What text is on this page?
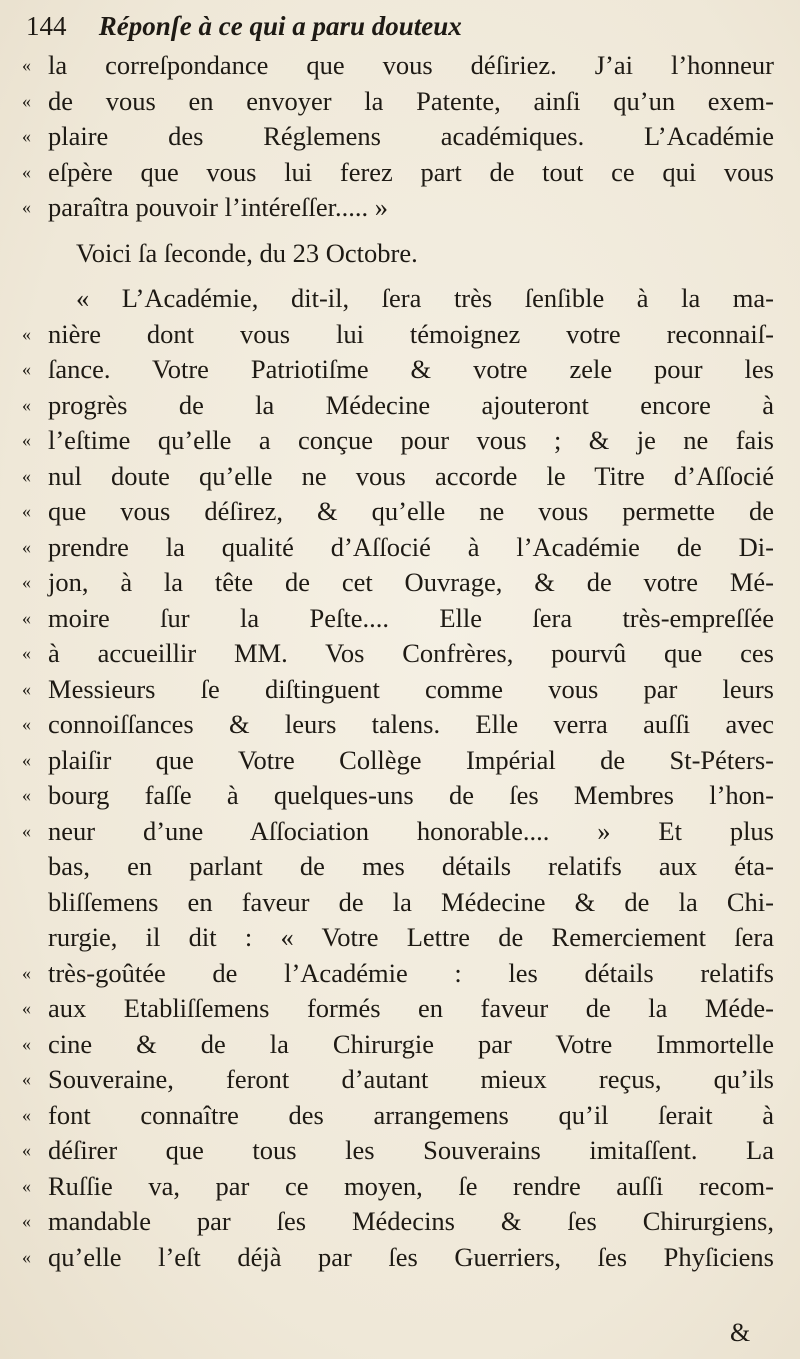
144 Réponſe à ce qui a paru douteux
« la correſpondance que vous déſiriez. J’ai l’honneur
« de vous en envoyer la Patente, ainſi qu’un exem-
« plaire des Réglemens académiques. L’Académie
« eſpère que vous lui ferez part de tout ce qui vous
« paraîtra pouvoir l’intéreſſer..... »
Voici ſa ſeconde, du 23 Octobre.
« L’Académie, dit-il, ſera très ſenſible à la ma-
« nière dont vous lui témoignez votre reconnaiſ-
« ſance. Votre Patriotiſme & votre zele pour les
« progrès de la Médecine ajouteront encore à
« l’eſtime qu’elle a conçue pour vous ; & je ne fais
« nul doute qu’elle ne vous accorde le Titre d’Aſſocié
« que vous déſirez, & qu’elle ne vous permette de
« prendre la qualité d’Aſſocié à l’Académie de Di-
« jon, à la tête de cet Ouvrage, & de votre Mé-
« moire ſur la Peſte.... Elle ſera très-empreſſée
« à accueillir MM. Vos Confrères, pourvû que ces
« Messieurs ſe diſtinguent comme vous par leurs
« connoiſſances & leurs talens. Elle verra auſſi avec
« plaiſir que Votre Collège Impérial de St-Péters-
« bourg faſſe à quelques-uns de ſes Membres l’hon-
« neur d’une Aſſociation honorable.... » Et plus
bas, en parlant de mes détails relatifs aux éta-
bliſſemens en faveur de la Médecine & de la Chi-
rurgie, il dit : « Votre Lettre de Remerciement ſera
« très-goûtée de l’Académie : les détails relatifs
« aux Etabliſſemens formés en faveur de la Méde-
« cine & de la Chirurgie par Votre Immortelle
« Souveraine, feront d’autant mieux reçus, qu’ils
« font connaître des arrangemens qu’il ſerait à
« déſirer que tous les Souverains imitaſſent. La
« Ruſſie va, par ce moyen, ſe rendre auſſi recom-
« mandable par ſes Médecins & ſes Chirurgiens,
« qu’elle l’eſt déjà par ſes Guerriers, ſes Phyſiciens
&
